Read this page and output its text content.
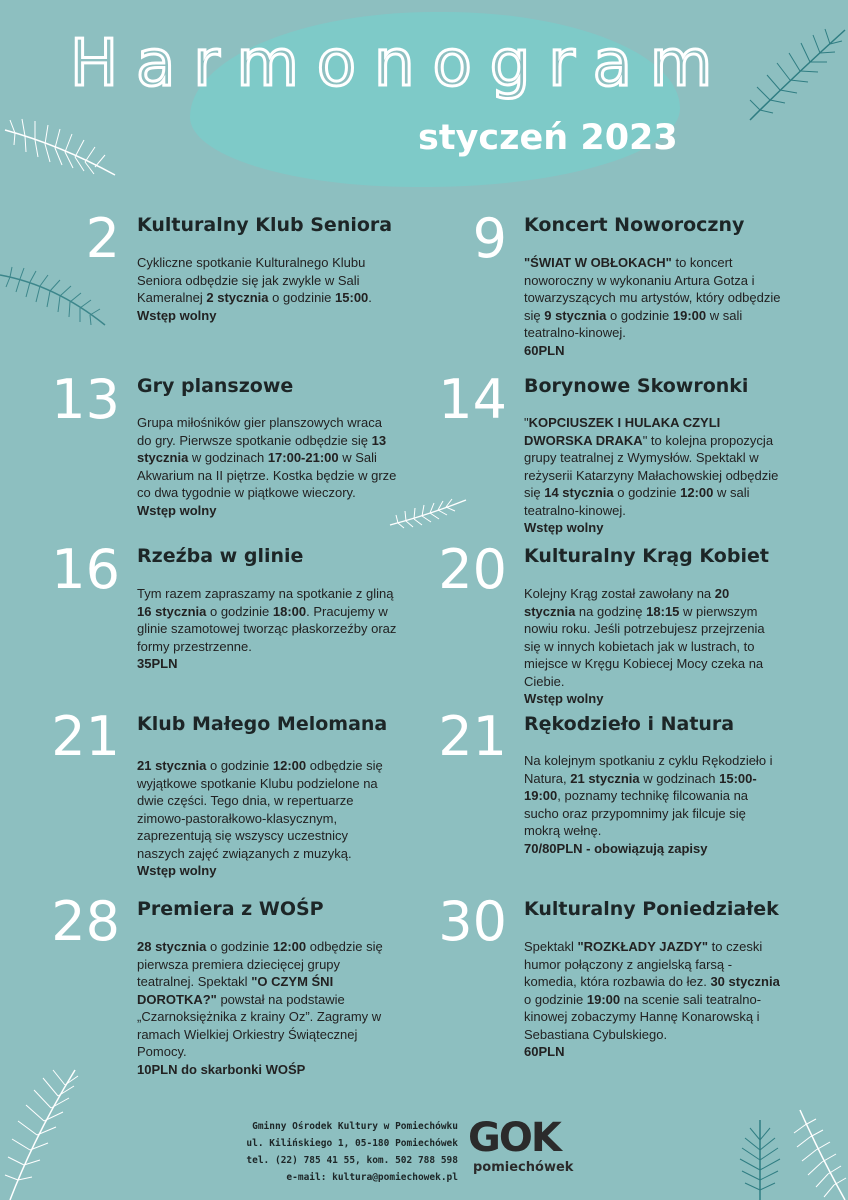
Harmonogram
styczeń 2023
2 Kulturalny Klub Seniora
Cykliczne spotkanie Kulturalnego Klubu Seniora odbędzie się jak zwykle w Sali Kameralnej 2 stycznia o godzinie 15:00.
Wstęp wolny
9 Koncert Noworoczny
"ŚWIAT W OBŁOKACH" to koncert noworoczny w wykonaniu Artura Gotza i towarzyszących mu artystów, który odbędzie się 9 stycznia o godzinie 19:00 w sali teatralno-kinowej.
60PLN
13 Gry planszowe
Grupa miłośników gier planszowych wraca do gry. Pierwsze spotkanie odbędzie się 13 stycznia w godzinach 17:00-21:00 w Sali Akwarium na II piętrze. Kostka będzie w grze co dwa tygodnie w piątkowe wieczory.
Wstęp wolny
14 Borynowe Skowronki
"KOPCIUSZEK I HULAKA CZYLI DWORSKA DRAKA" to kolejna propozycja grupy teatralnej z Wymysłów. Spektakl w reżyserii Katarzyny Małachowskiej odbędzie się 14 stycznia o godzinie 12:00 w sali teatralno-kinowej.
Wstęp wolny
16 Rzeźba w glinie
Tym razem zapraszamy na spotkanie z gliną 16 stycznia o godzinie 18:00. Pracujemy w glinie szamotowej tworząc płaskorzeźby oraz formy przestrzenne.
35PLN
20 Kulturalny Krąg Kobiet
Kolejny Krąg został zawołany na 20 stycznia na godzinę 18:15 w pierwszym nowiu roku. Jeśli potrzebujesz przejrzenia się w innych kobietach jak w lustrach, to miejsce w Kręgu Kobiecej Mocy czeka na Ciebie.
Wstęp wolny
21 Klub Małego Melomana
21 stycznia o godzinie 12:00 odbędzie się wyjątkowe spotkanie Klubu podzielone na dwie części. Tego dnia, w repertuarze zimowo-pastorałkowo-klasycznym, zaprezentują się wszyscy uczestnicy naszych zajęć związanych z muzyką.
Wstęp wolny
21 Rękodzieło i Natura
Na kolejnym spotkaniu z cyklu Rękodzieło i Natura, 21 stycznia w godzinach 15:00-19:00, poznamy technikę filcowania na sucho oraz przypomnimy jak filcuje się mokrą wełnę.
70/80PLN - obowiązują zapisy
28 Premiera z WOŚP
28 stycznia o godzinie 12:00 odbędzie się pierwsza premiera dziecięcej grupy teatralnej. Spektakl "O CZYM ŚNI DOROTKA?" powstał na podstawie „Czarnoksiężnika z krainy Oz”. Zagramy w ramach Wielkiej Orkiestry Świątecznej Pomocy.
10PLN do skarbonki WOŚP
30 Kulturalny Poniedziałek
Spektakl "ROZKŁADY JAZDY" to czeski humor połączony z angielską farsą - komedia, która rozbawia do łez. 30 stycznia o godzinie 19:00 na scenie sali teatralno-kinowej zobaczymy Hannę Konarowską i Sebastiana Cybulskiego.
60PLN
Gminny Ośrodek Kultury w Pomiechówku
ul. Kilińskiego 1, 05-180 Pomiechówek
tel. (22) 785 41 55, kom. 502 788 598
e-mail: kultura@pomiechowek.pl
GOK
pomiechówek
